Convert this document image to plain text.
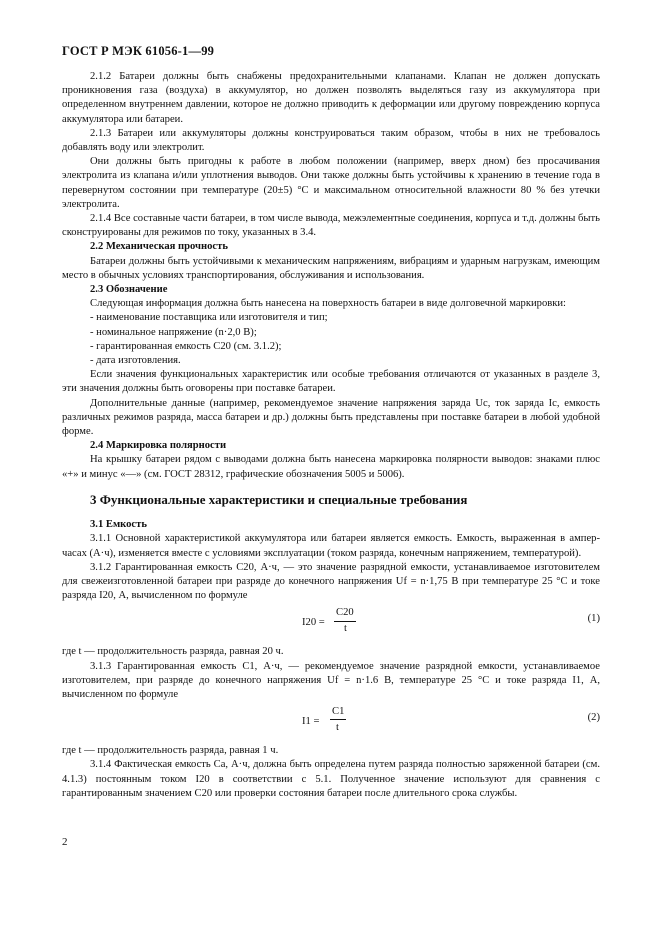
ГОСТ Р МЭК 61056-1—99

2.1.2 Батареи должны быть снабжены предохранительными клапанами. Клапан не должен допускать проникновения газа (воздуха) в аккумулятор, но должен позволять выделяться газу из аккумулятора при определенном внутреннем давлении, которое не должно приводить к деформации или другому повреждению корпуса аккумулятора или батареи.

2.1.3 Батареи или аккумуляторы должны конструироваться таким образом, чтобы в них не требовалось добавлять воду или электролит.

Они должны быть пригодны к работе в любом положении (например, вверх дном) без просачивания электролита из клапана и/или уплотнения выводов. Они также должны быть устойчивы к хранению в течение года в перевернутом состоянии при температуре (20±5) °С и максимальном относительной влажности 80 % без утечки электролита.

2.1.4 Все составные части батареи, в том числе вывода, межэлементные соединения, корпуса и т.д. должны быть сконструированы для режимов по току, указанных в 3.4.

2.2 Механическая прочность

Батареи должны быть устойчивыми к механическим напряжениям, вибрациям и ударным нагрузкам, имеющим место в обычных условиях транспортирования, обслуживания и использования.

2.3 Обозначение

Следующая информация должна быть нанесена на поверхность батареи в виде долговечной маркировки:

- наименование поставщика или изготовителя и тип;

- номинальное напряжение (n·2,0 В);

- гарантированная емкость C20 (см. 3.1.2);

- дата изготовления.

Если значения функциональных характеристик или особые требования отличаются от указанных в разделе 3, эти значения должны быть оговорены при поставке батареи.

Дополнительные данные (например, рекомендуемое значение напряжения заряда Uc, ток заряда Ic, емкость различных режимов разряда, масса батареи и др.) должны быть представлены при поставке батареи в любой удобной форме.

2.4 Маркировка полярности

На крышку батареи рядом с выводами должна быть нанесена маркировка полярности выводов: знаками плюс «+» и минус «—» (см. ГОСТ 28312, графические обозначения 5005 и 5006).

3 Функциональные характеристики и специальные требования

3.1 Емкость

3.1.1 Основной характеристикой аккумулятора или батареи является емкость. Емкость, выраженная в ампер-часах (А·ч), изменяется вместе с условиями эксплуатации (током разряда, конечным напряжением, температурой).

3.1.2 Гарантированная емкость C20, А·ч, — это значение разрядной емкости, устанавливаемое изготовителем для свежеизготовленной батареи при разряде до конечного напряжения Uf = n·1,75 В при температуре 25 °С и токе разряда I20, А, вычисленном по формуле

I20 =
C20
t
(1)

где t — продолжительность разряда, равная 20 ч.

3.1.3 Гарантированная емкость C1, А·ч, — рекомендуемое значение разрядной емкости, устанавливаемое изготовителем, при разряде до конечного напряжения Uf = n·1.6 В, температуре 25 °С и токе разряда I1, А, вычисленном по формуле

I1 =
C1
t
(2)

где t — продолжительность разряда, равная 1 ч.

3.1.4 Фактическая емкость Ca, А·ч, должна быть определена путем разряда полностью заряженной батареи (см. 4.1.3) постоянным током I20 в соответствии с 5.1. Полученное значение используют для сравнения с гарантированным значением C20 или проверки состояния батареи после длительного срока службы.

2
